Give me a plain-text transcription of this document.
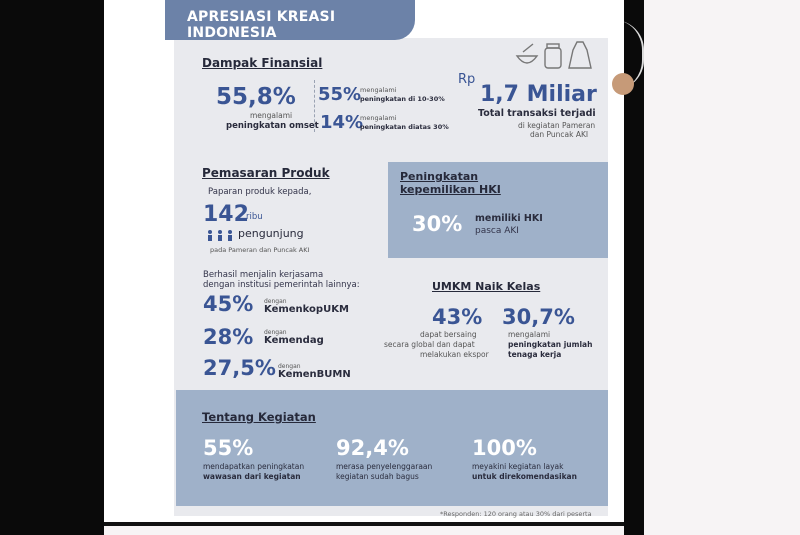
APRESIASI KREASI INDONESIA
Dampak Finansial
55,8%
mengalami
peningkatan omset
55%
mengalami
peningkatan di 10-30%
14%
mengalami
peningkatan diatas 30%
Rp
1,7 Miliar
Total transaksi terjadi
di kegiatan Pameran
dan Puncak AKI
Pemasaran Produk
Paparan produk kepada,
142
ribu
pengunjung
pada Pameran dan Puncak AKI
Berhasil menjalin kerjasama
dengan institusi pemerintah lainnya:
45% dengan
KemenkopUKM
28% dengan
Kemendag
27,5% dengan
KemenBUMN
Peningkatan
kepemilikan HKI
30% memiliki HKI
pasca AKI
UMKM Naik Kelas
43%
dapat bersaing
secara global dan dapat
melakukan ekspor
30,7%
mengalami
peningkatan jumlah
tenaga kerja
Tentang Kegiatan
55%
mendapatkan peningkatan
wawasan dari kegiatan
92,4%
merasa penyelenggaraan
kegiatan sudah bagus
100%
meyakini kegiatan layak
untuk direkomendasikan
*Responden: 120 orang atau 30% dari peserta
